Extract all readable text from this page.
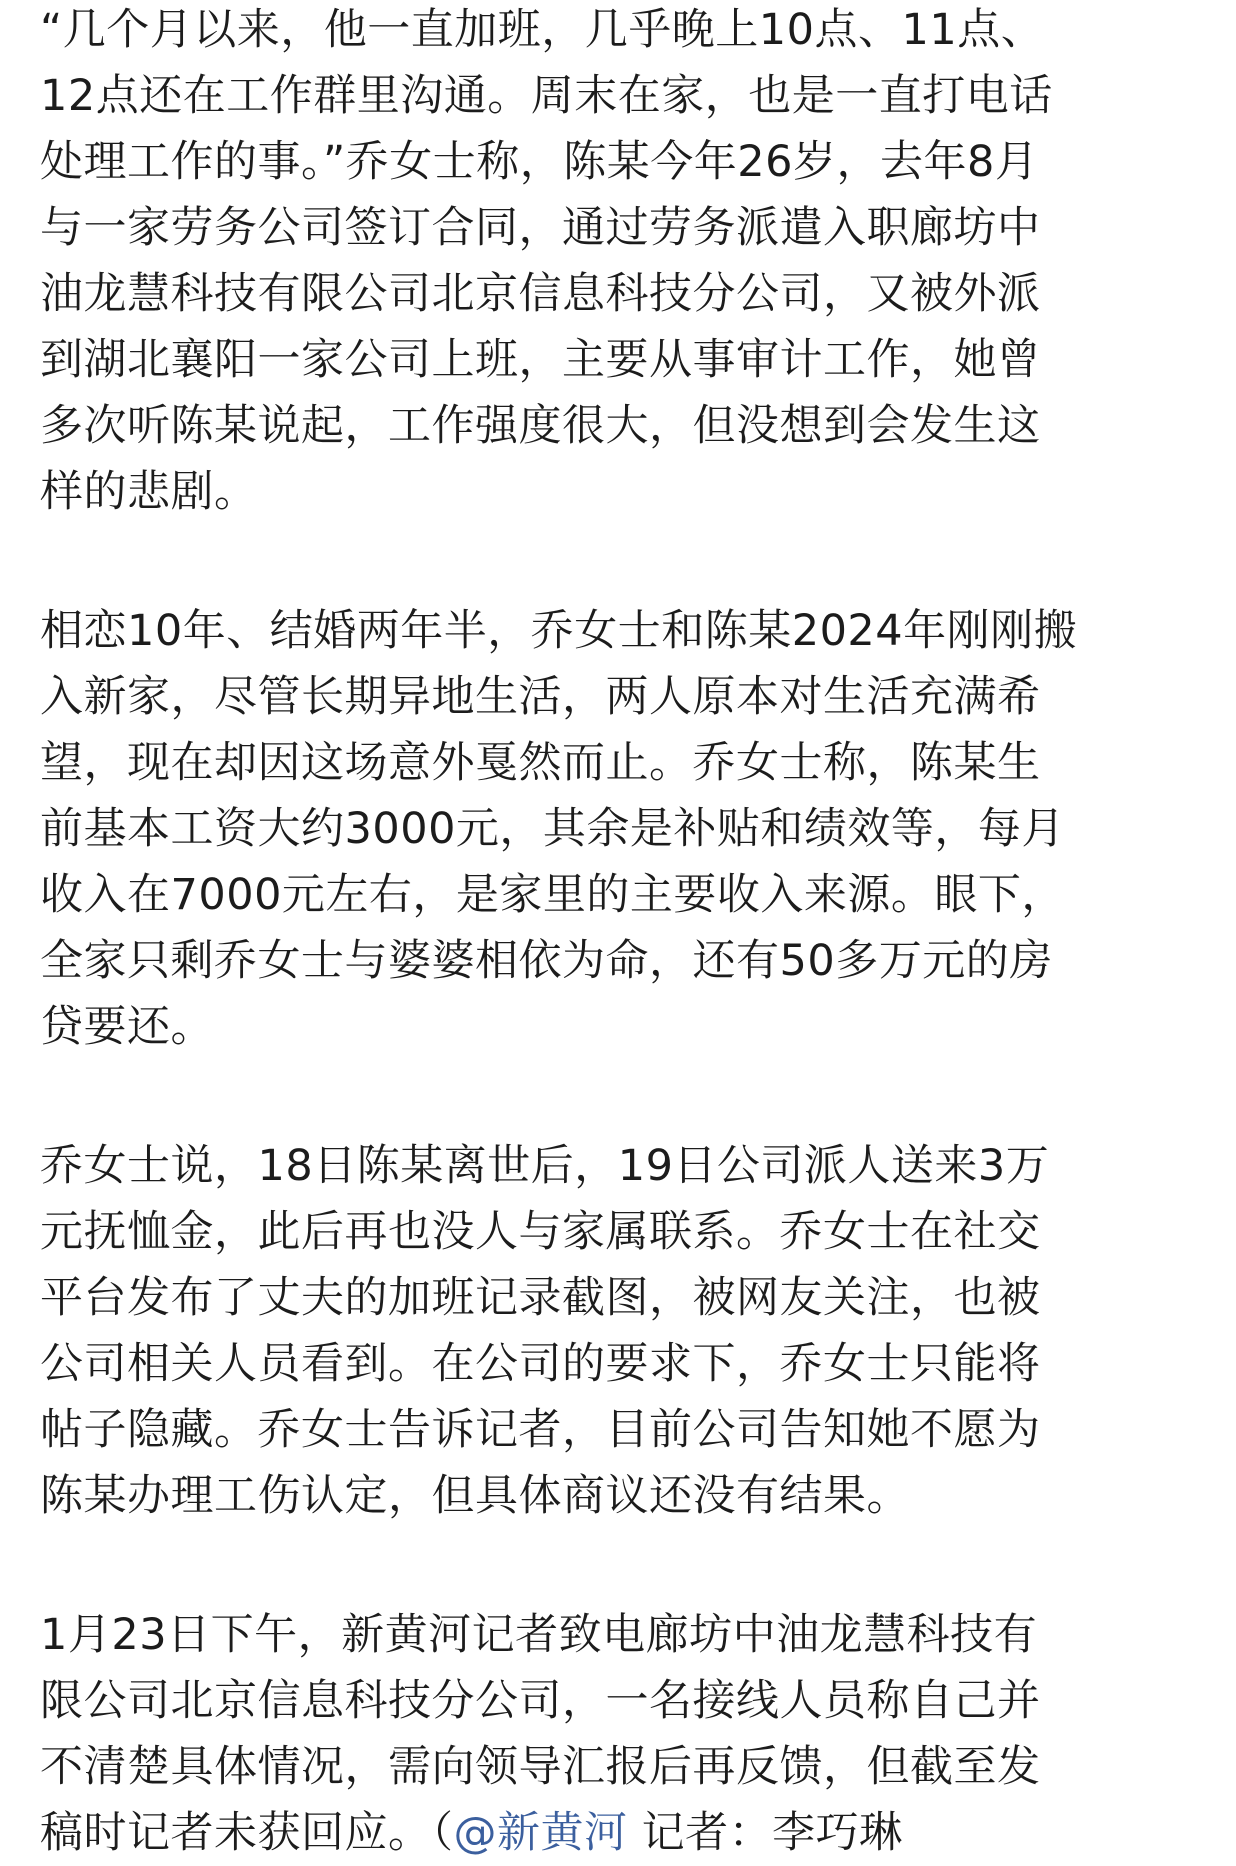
“几个月以来，他一直加班，几乎晚上10点、11点、
12点还在工作群里沟通。周末在家，也是一直打电话
处理工作的事。”乔女士称，陈某今年26岁，去年8月
与一家劳务公司签订合同，通过劳务派遣入职廊坊中
油龙慧科技有限公司北京信息科技分公司，又被外派
到湖北襄阳一家公司上班，主要从事审计工作，她曾
多次听陈某说起，工作强度很大，但没想到会发生这
样的悲剧。
相恋10年、结婚两年半，乔女士和陈某2024年刚刚搬
入新家，尽管长期异地生活，两人原本对生活充满希
望，现在却因这场意外戛然而止。乔女士称，陈某生
前基本工资大约3000元，其余是补贴和绩效等，每月
收入在7000元左右，是家里的主要收入来源。眼下，
全家只剩乔女士与婆婆相依为命，还有50多万元的房
贷要还。
乔女士说，18日陈某离世后，19日公司派人送来3万
元抚恤金，此后再也没人与家属联系。乔女士在社交
平台发布了丈夫的加班记录截图，被网友关注，也被
公司相关人员看到。在公司的要求下，乔女士只能将
帖子隐藏。乔女士告诉记者，目前公司告知她不愿为
陈某办理工伤认定，但具体商议还没有结果。
1月23日下午，新黄河记者致电廊坊中油龙慧科技有
限公司北京信息科技分公司，一名接线人员称自己并
不清楚具体情况，需向领导汇报后再反馈，但截至发
稿时记者未获回应。（@新黄河 记者：李巧琳
